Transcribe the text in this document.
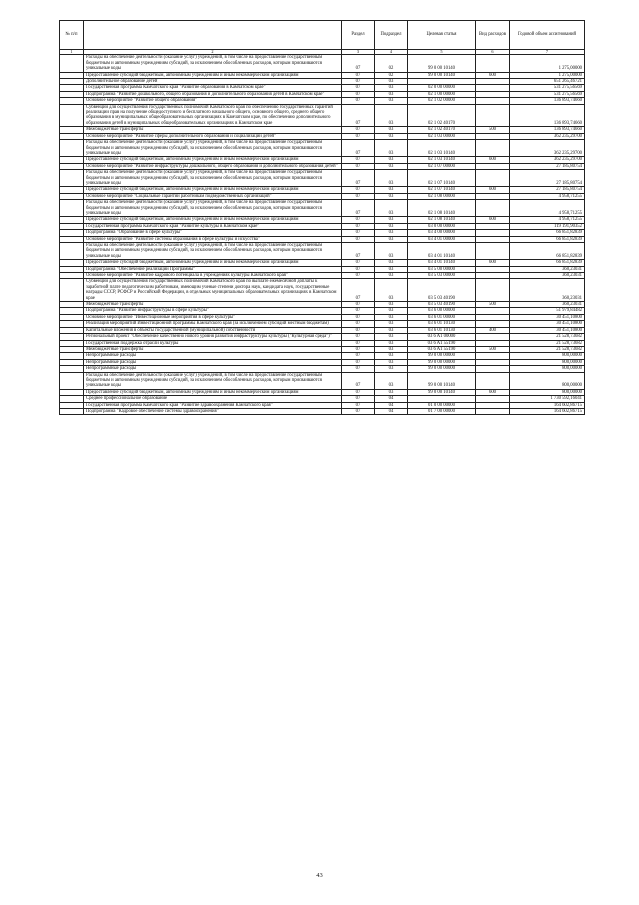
№ п/п		Раздел	Подраздел	Целевая статья	Вид расходов	Годовой объем ассигнований
1	2	3	4	5	6	7
	Расходы на обеспечение деятельности (оказание услуг) учреждений, в том числе на предоставление государственным бюджетным и автономным учреждениям субсидий, за исключением обособленных расходов, которым присваиваются уникальные коды	07	02	99 0 00 10140		1 275,00000
	Предоставление субсидий бюджетным, автономным учреждениям и иным некоммерческим организациям	07	02	99 0 00 10140	600	1 275,00000
	Дополнительное образование детей	07	03			651 265,46721
	Государственная программа Камчатского края "Развитие образования в Камчатском крае"	07	03	02 0 00 00000		531 275,56569
	Подпрограмма "Развитие дошкольного, общего образования и дополнительного образования детей в Камчатском крае"	07	03	02 1 00 00000		531 275,56569
	Основное мероприятие "Развитие общего образования"	07	03	02 1 02 00000		136 893,74660
	Субвенции для осуществления государственных полномочий Камчатского края по обеспечению государственных гарантий реализации прав на получение общедоступного и бесплатного начального общего, основного общего, среднего общего образования в муниципальных общеобразовательных организациях в Камчатском крае, по обеспечению дополнительного образования детей в муниципальных общеобразовательных организациях в Камчатском крае	07	03	02 1 02 40170		136 893,74660
	Межбюджетные трансферты	07	03	02 1 02 40170	500	136 893,74660
	Основное мероприятие "Развитие сферы дополнительного образования и социализации детей"	07	03	02 1 03 00000		362 235,29700
	Расходы на обеспечение деятельности (оказание услуг) учреждений, в том числе на предоставление государственным бюджетным и автономным учреждениям субсидий, за исключением обособленных расходов, которым присваиваются уникальные коды	07	03	02 1 03 10140		362 235,29700
	Предоставление субсидий бюджетным, автономным учреждениям и иным некоммерческим организациям	07	03	02 1 03 10140	600	362 235,29700
	Основное мероприятие "Развитие инфраструктуры дошкольного, общего образования и дополнительного образования детей"	07	03	02 1 07 00000		27 185,80754
	Расходы на обеспечение деятельности (оказание услуг) учреждений, в том числе на предоставление государственным бюджетным и автономным учреждениям субсидий, за исключением обособленных расходов, которым присваиваются уникальные коды	07	03	02 1 07 10140		27 185,80754
	Предоставление субсидий бюджетным, автономным учреждениям и иным некоммерческим организациям	07	03	02 1 07 10140	600	27 185,80754
	Основное мероприятие "Социальные гарантии работникам подведомственных организаций"	07	03	02 1 08 00000		4 958,71255
	Расходы на обеспечение деятельности (оказание услуг) учреждений, в том числе на предоставление государственным бюджетным и автономным учреждениям субсидий, за исключением обособленных расходов, которым присваиваются уникальные коды	07	03	02 1 08 10140		4 958,71255
	Предоставление субсидий бюджетным, автономным учреждениям и иным некоммерческим организациям	07	03	02 1 08 10140	600	4 958,71255
	Государственная программа Камчатского края "Развитие культуры в Камчатском крае"	07	03	03 0 00 00000		119 191,90352
	Подпрограмма "Образование в сфере культуры"	07	03	03 4 00 00000		66 851,82839
	Основное мероприятие "Развитие системы образования в сфере культуры и искусства"	07	03	03 4 01 00000		66 851,82839
	Расходы на обеспечение деятельности (оказание услуг) учреждений, в том числе на предоставление государственным бюджетным и автономным учреждениям субсидий, за исключением обособленных расходов, которым присваиваются уникальные коды	07	03	03 4 01 10140		66 851,82839
	Предоставление субсидий бюджетным, автономным учреждениям и иным некоммерческим организациям	07	03	03 4 01 10140	600	66 851,82839
	Подпрограмма "Обеспечение реализации Программы"	07	03	03 5 00 00000		360,23031
	Основное мероприятие "Развитие кадрового потенциала в учреждениях культуры Камчатского края"	07	03	03 5 03 00000		360,23031
	Субвенции для осуществления государственных полномочий Камчатского края по выплате ежемесячной доплаты к заработной плате педагогическим работникам, имеющим ученые степени доктора наук, кандидата наук, государственные награды СССР, РСФСР и Российской Федерации, в отдельных муниципальных образовательных организациях в Камчатском крае	07	03	03 5 03 40190		360,23031
	Межбюджетные трансферты	07	03	03 5 03 40190	500	360,23031
	Подпрограмма "Развитие инфраструктуры в сфере культуры"	07	03	03 6 00 00000		51 979,84482
	Основное мероприятие "Инвестиционные мероприятия в сфере культуры"	07	03	03 6 01 00000		30 451,10800
	Реализация мероприятий Инвестиционной программы Камчатского края (за исключением субсидий местным бюджетам)	07	03	03 6 01 10130		30 451,10800
	Капитальные вложения в объекты государственной (муниципальной) собственности	07	03	03 6 01 10130	400	30 451,10800
	Региональный проект "Обеспечение качественно нового уровня развития инфраструктуры культуры ("Культурная среда")"	07	03	03 6 A1 00000		21 528,73682
	Государственная поддержка отрасли культуры	07	03	03 6 A1 55190		21 528,73682
	Межбюджетные трансферты	07	03	03 6 A1 55190	500	21 528,73682
	Непрограммные расходы	07	03	99 0 00 00000		800,00000
	Непрограммные расходы	07	03	99 0 00 00000		800,00000
	Непрограммные расходы	07	03	99 0 00 00000		800,00000
	Расходы на обеспечение деятельности (оказание услуг) учреждений, в том числе на предоставление государственным бюджетным и автономным учреждениям субсидий, за исключением обособленных расходов, которым присваиваются уникальные коды	07	03	99 0 00 10140		800,00000
	Предоставление субсидий бюджетным, автономным учреждениям и иным некоммерческим организациям	07	03	99 0 00 10140	600	800,00000
	Среднее профессиональное образование	07	04			1 730 592,16041
	Государственная программа Камчатского края "Развитие здравоохранения Камчатского края"	07	04	01 0 00 00000		164 602,86715
	Подпрограмма "Кадровое обеспечение системы здравоохранения"	07	04	01 7 00 00000		164 602,86715
43
